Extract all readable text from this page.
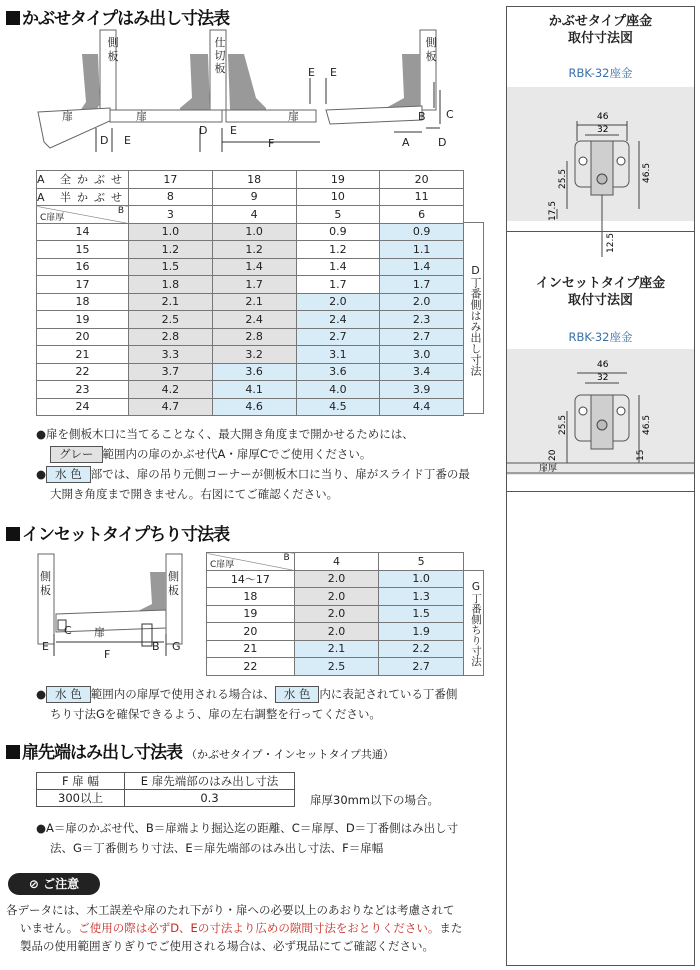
かぶせタイプはみ出し寸法表
側板
仕切板
側板
扉	扉	扉
D E
D E
F
E E
A
B C
D
A 全かぶせ	17	18	19	20
A 半かぶせ	8	9	10	11

C扉厚
B	3	4	5	6
14	1.0	1.0	0.9	0.9
15	1.2	1.2	1.2	1.1
16	1.5	1.4	1.4	1.4
17	1.8	1.7	1.7	1.7
18	2.1	2.1	2.0	2.0
19	2.5	2.4	2.4	2.3
20	2.8	2.8	2.7	2.7
21	3.3	3.2	3.1	3.0
22	3.7	3.6	3.6	3.4
23	4.2	4.1	4.0	3.9
24	4.7	4.6	4.5	4.4
D丁番側はみ出し寸法
●扉を側板木口に当てることなく、最大開き角度まで開かせるためには、
グレー 範囲内の扉のかぶせ代A・扉厚Cでご使用ください。
● 水 色 部では、扉の吊り元側コーナーが側板木口に当り、扉がスライド丁番の最
大開き角度まで開きません。右図にてご確認ください。
インセットタイプちり寸法表
側板
側板
扉
C
E
F
B G
C扉厚
B	4	5
14〜17	2.0	1.0
18	2.0	1.3
19	2.0	1.5
20	2.0	1.9
21	2.1	2.2
22	2.5	2.7	G丁番側ちり寸法
● 水 色 範囲内の扉厚で使用される場合は、 水 色 内に表記されている丁番側
ちり寸法Gを確保できるよう、扉の左右調整を行ってください。
扉先端はみ出し寸法表 （かぶせタイプ・インセットタイプ共通）
F 扉 幅	E 扉先端部のはみ出し寸法
300以上	0.3	扉厚30mm以下の場合。
●A＝扉のかぶせ代、B＝扉端より掘込迄の距離、C＝扉厚、D＝丁番側はみ出し寸
法、G＝丁番側ちり寸法、E＝扉先端部のはみ出し寸法、F＝扉幅
⊘ ご注意
各データには、木工誤差や扉のたれ下がり・扉への必要以上のあおりなどは考慮されて
いません。ご使用の際は必ずD、Eの寸法より広めの隙間寸法をおとりください。また
製品の使用範囲ぎりぎりでご使用される場合は、必ず現品にてご確認ください。
かぶせタイプ座金
取付寸法図
RBK-32座金
46
32
25.5	46.5
17.5
12.5
インセットタイプ座金
取付寸法図
RBK-32座金
46
32
25.5	46.5
20	15
扉厚
